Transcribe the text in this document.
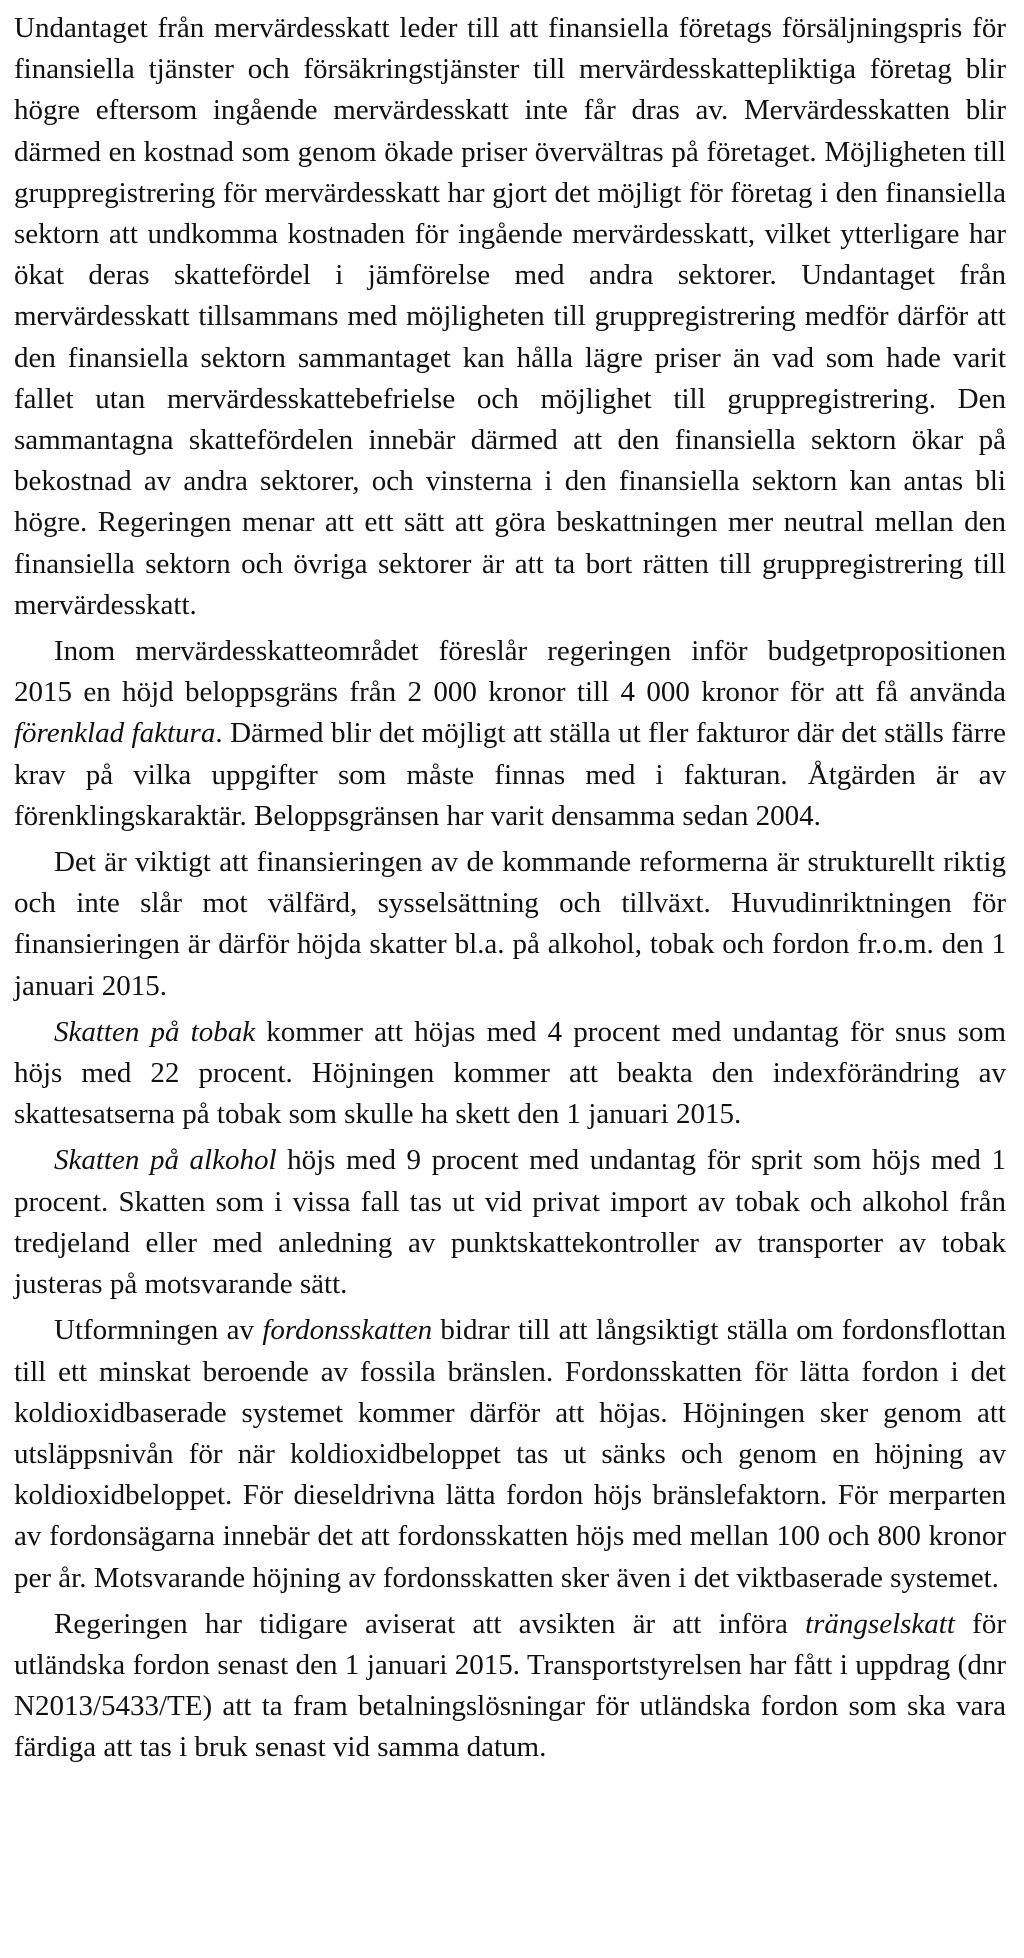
Undantaget från mervärdesskatt leder till att finansiella företags försäljningspris för finansiella tjänster och försäkringstjänster till mervärdesskattepliktiga företag blir högre eftersom ingående mervärdesskatt inte får dras av. Mervärdesskatten blir därmed en kostnad som genom ökade priser övervältras på företaget. Möjligheten till gruppregistrering för mervärdesskatt har gjort det möjligt för företag i den finansiella sektorn att undkomma kostnaden för ingående mervärdesskatt, vilket ytterligare har ökat deras skattefördel i jämförelse med andra sektorer. Undantaget från mervärdesskatt tillsammans med möjligheten till gruppregistrering medför därför att den finansiella sektorn sammantaget kan hålla lägre priser än vad som hade varit fallet utan mervärdesskattebefrielse och möjlighet till gruppregistrering. Den sammantagna skattefördelen innebär därmed att den finansiella sektorn ökar på bekostnad av andra sektorer, och vinsterna i den finansiella sektorn kan antas bli högre. Regeringen menar att ett sätt att göra beskattningen mer neutral mellan den finansiella sektorn och övriga sektorer är att ta bort rätten till gruppregistrering till mervärdesskatt.

Inom mervärdesskatteområdet föreslår regeringen inför budgetpropositionen 2015 en höjd beloppsgräns från 2 000 kronor till 4 000 kronor för att få använda förenklad faktura. Därmed blir det möjligt att ställa ut fler fakturor där det ställs färre krav på vilka uppgifter som måste finnas med i fakturan. Åtgärden är av förenklingskaraktär. Beloppsgränsen har varit densamma sedan 2004.

Det är viktigt att finansieringen av de kommande reformerna är strukturellt riktig och inte slår mot välfärd, sysselsättning och tillväxt. Huvudinriktningen för finansieringen är därför höjda skatter bl.a. på alkohol, tobak och fordon fr.o.m. den 1 januari 2015.

Skatten på tobak kommer att höjas med 4 procent med undantag för snus som höjs med 22 procent. Höjningen kommer att beakta den indexförändring av skattesatserna på tobak som skulle ha skett den 1 januari 2015.

Skatten på alkohol höjs med 9 procent med undantag för sprit som höjs med 1 procent. Skatten som i vissa fall tas ut vid privat import av tobak och alkohol från tredjeland eller med anledning av punktskattekontroller av transporter av tobak justeras på motsvarande sätt.

Utformningen av fordonsskatten bidrar till att långsiktigt ställa om fordonsflottan till ett minskat beroende av fossila bränslen. Fordonsskatten för lätta fordon i det koldioxidbaserade systemet kommer därför att höjas. Höjningen sker genom att utsläppsnivån för när koldioxidbeloppet tas ut sänks och genom en höjning av koldioxidbeloppet. För dieseldrivna lätta fordon höjs bränslefaktorn. För merparten av fordonsägarna innebär det att fordonsskatten höjs med mellan 100 och 800 kronor per år. Motsvarande höjning av fordonsskatten sker även i det viktbaserade systemet.

Regeringen har tidigare aviserat att avsikten är att införa trängselskatt för utländska fordon senast den 1 januari 2015. Transportstyrelsen har fått i uppdrag (dnr N2013/5433/TE) att ta fram betalningslösningar för utländska fordon som ska vara färdiga att tas i bruk senast vid samma datum.
